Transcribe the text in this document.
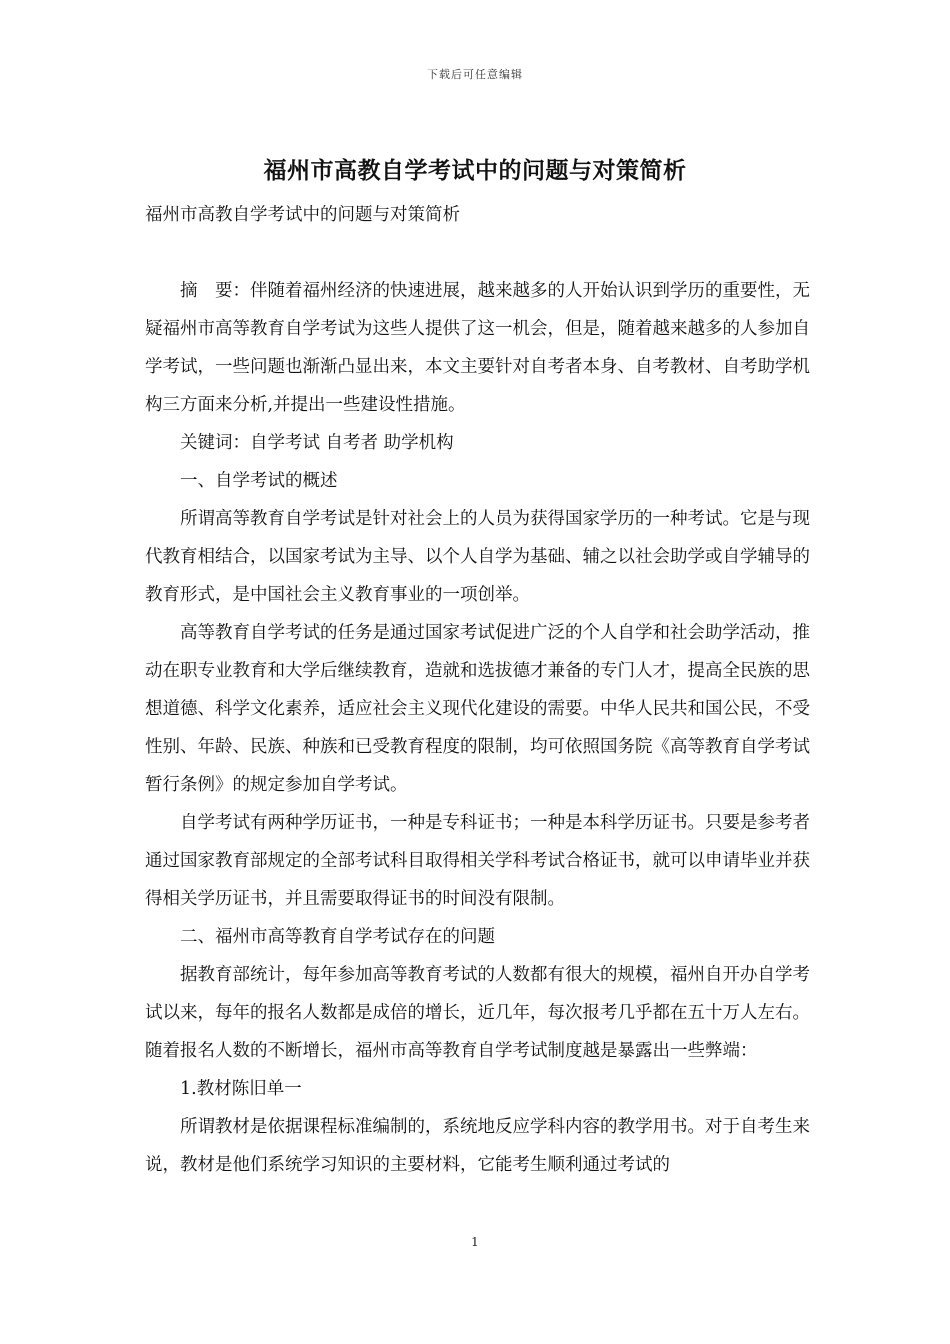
下载后可任意编辑
福州市高教自学考试中的问题与对策简析

福州市高教自学考试中的问题与对策简析

摘　要：伴随着福州经济的快速进展，越来越多的人开始认识到学历的重要性，无疑福州市高等教育自学考试为这些人提供了这一机会，但是，随着越来越多的人参加自学考试，一些问题也渐渐凸显出来，本文主要针对自考者本身、自考教材、自考助学机构三方面来分析,并提出一些建设性措施。

关键词：自学考试 自考者 助学机构

一、自学考试的概述

所谓高等教育自学考试是针对社会上的人员为获得国家学历的一种考试。它是与现代教育相结合，以国家考试为主导、以个人自学为基础、辅之以社会助学或自学辅导的教育形式，是中国社会主义教育事业的一项创举。

高等教育自学考试的任务是通过国家考试促进广泛的个人自学和社会助学活动，推动在职专业教育和大学后继续教育，造就和选拔德才兼备的专门人才，提高全民族的思想道德、科学文化素养，适应社会主义现代化建设的需要。中华人民共和国公民，不受性别、年龄、民族、种族和已受教育程度的限制，均可依照国务院《高等教育自学考试暂行条例》的规定参加自学考试。

自学考试有两种学历证书，一种是专科证书；一种是本科学历证书。只要是参考者通过国家教育部规定的全部考试科目取得相关学科考试合格证书，就可以申请毕业并获得相关学历证书，并且需要取得证书的时间没有限制。

二、福州市高等教育自学考试存在的问题

据教育部统计，每年参加高等教育考试的人数都有很大的规模，福州自开办自学考试以来，每年的报名人数都是成倍的增长，近几年，每次报考几乎都在五十万人左右。随着报名人数的不断增长，福州市高等教育自学考试制度越是暴露出一些弊端：

1.教材陈旧单一

所谓教材是依据课程标准编制的，系统地反应学科内容的教学用书。对于自考生来说，教材是他们系统学习知识的主要材料，它能考生顺利通过考试的

1
